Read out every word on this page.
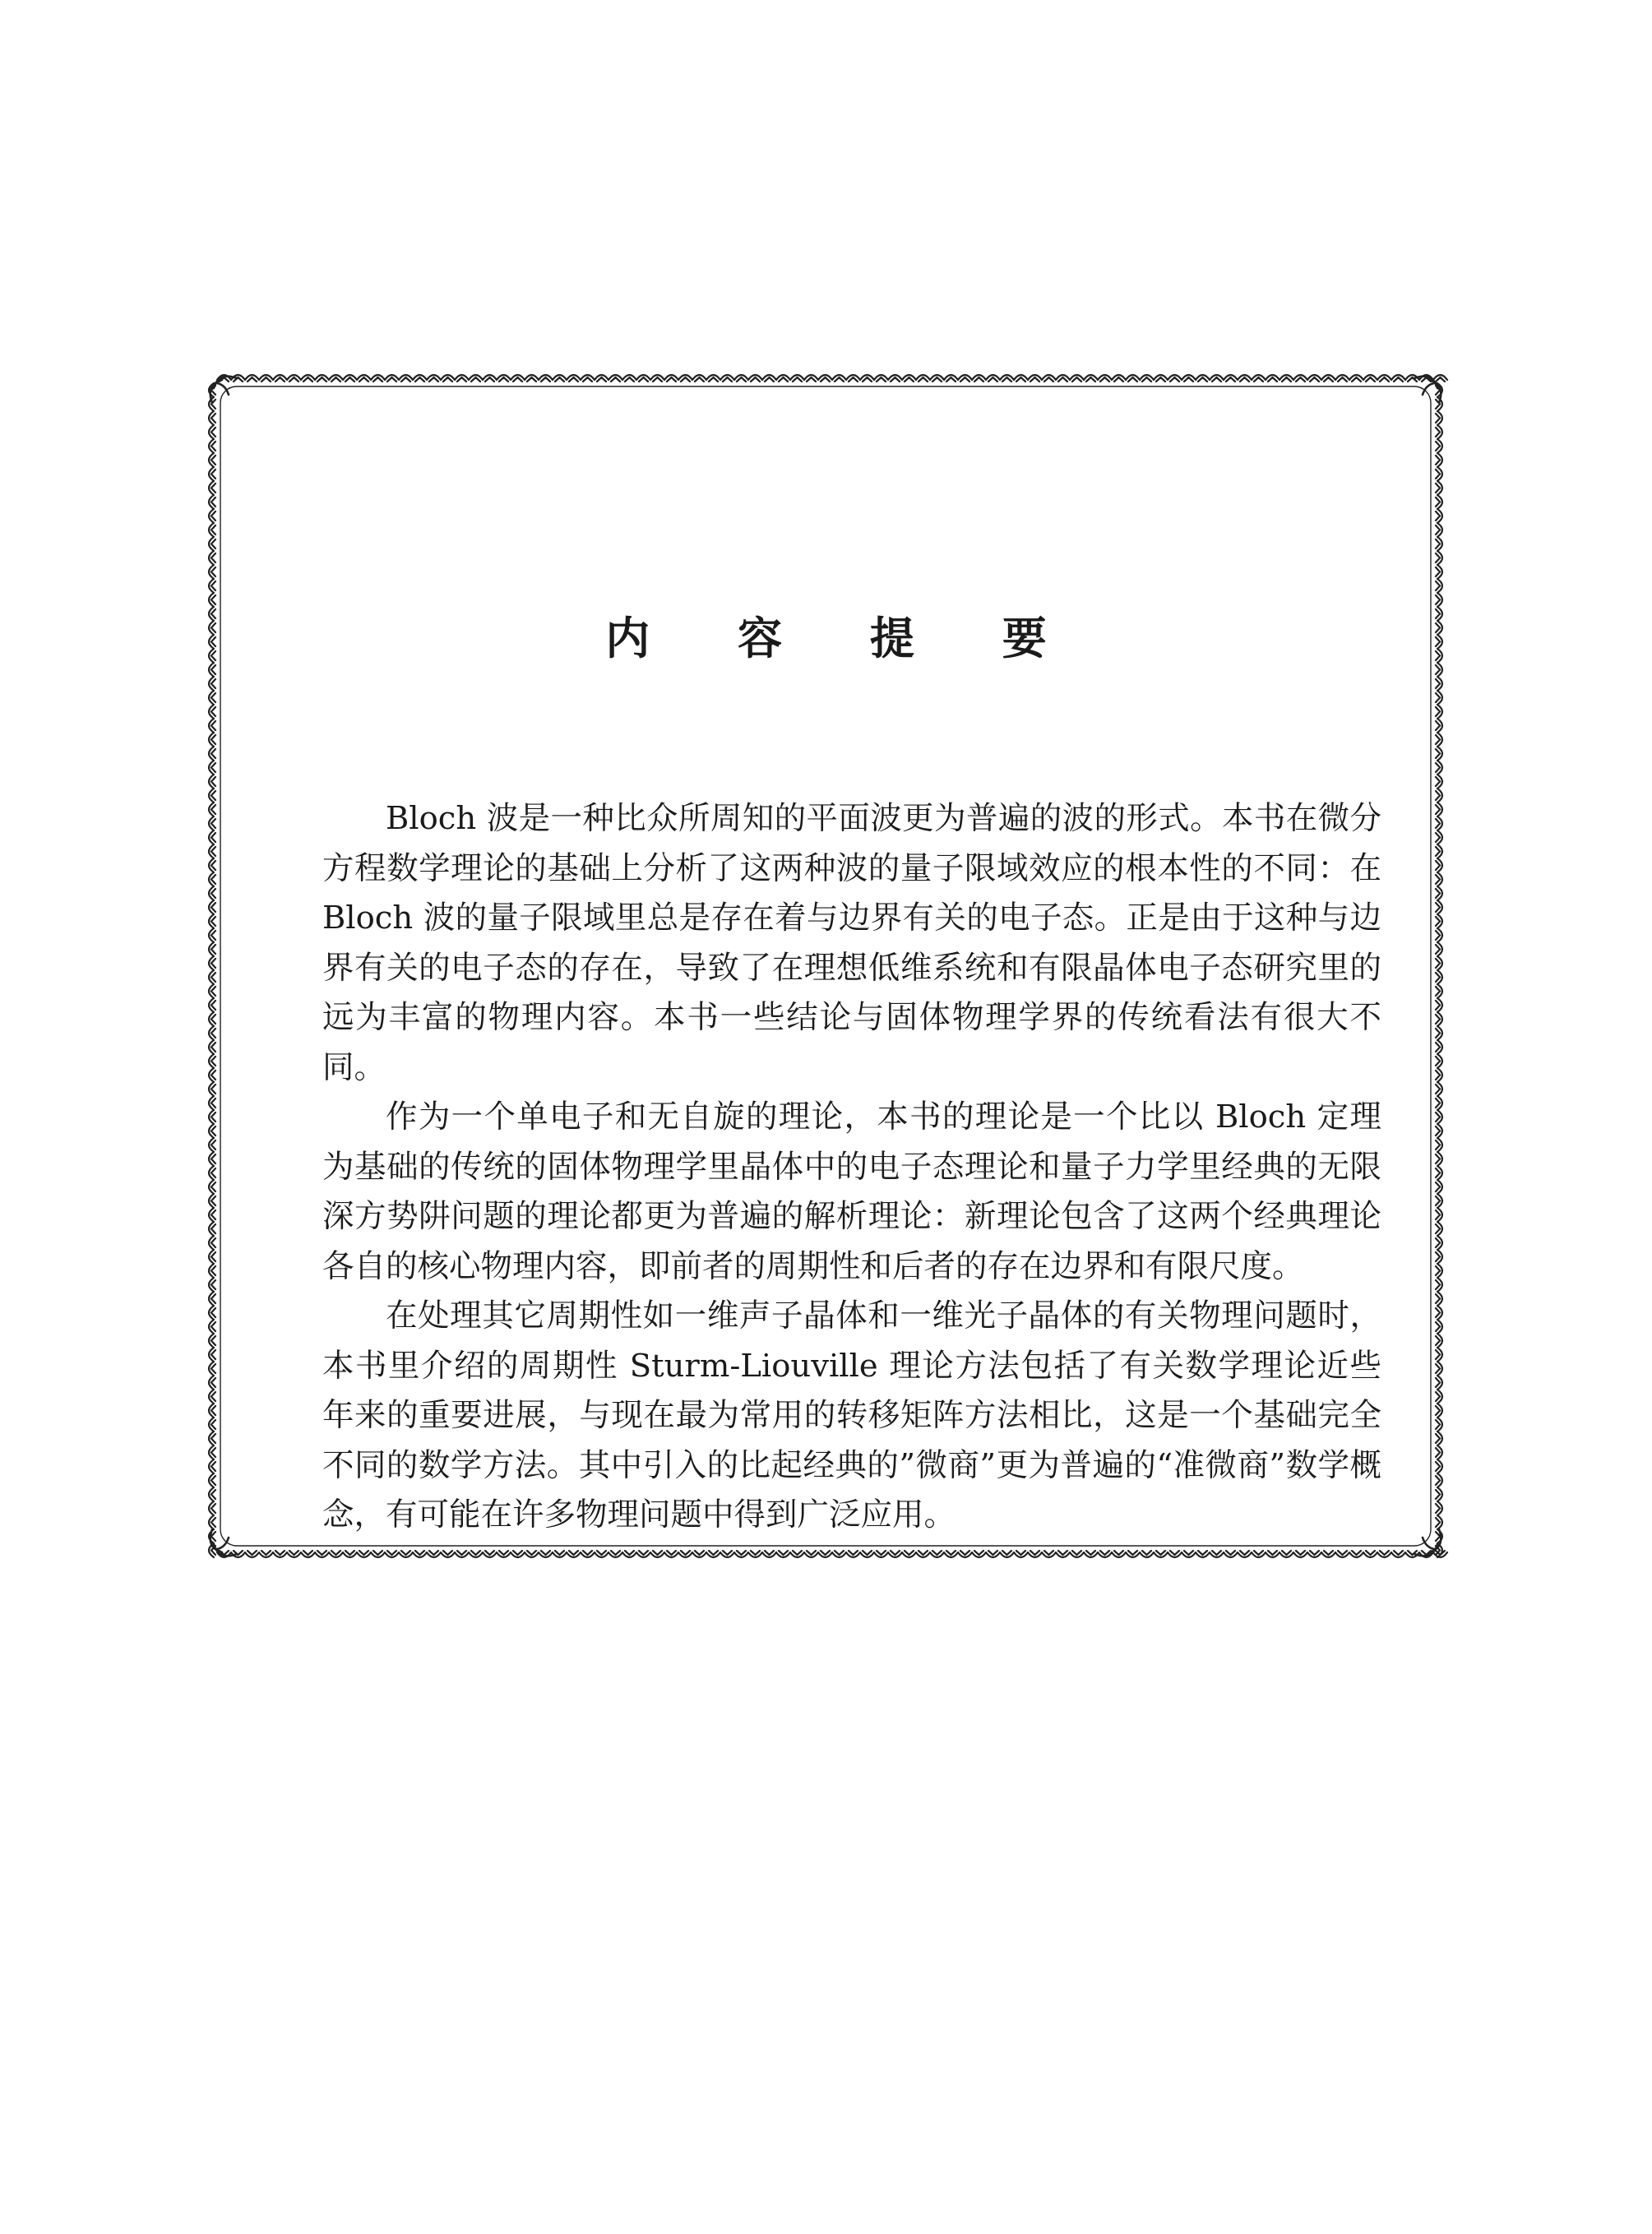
内 容 提 要

Bloch 波是一种比众所周知的平面波更为普遍的波的形式。本书在微分方程数学理论的基础上分析了这两种波的量子限域效应的根本性的不同：在 Bloch 波的量子限域里总是存在着与边界有关的电子态。正是由于这种与边界有关的电子态的存在，导致了在理想低维系统和有限晶体电子态研究里的远为丰富的物理内容。本书一些结论与固体物理学界的传统看法有很大不同。

作为一个单电子和无自旋的理论，本书的理论是一个比以 Bloch 定理为基础的传统的固体物理学里晶体中的电子态理论和量子力学里经典的无限深方势阱问题的理论都更为普遍的解析理论：新理论包含了这两个经典理论各自的核心物理内容，即前者的周期性和后者的存在边界和有限尺度。

在处理其它周期性如一维声子晶体和一维光子晶体的有关物理问题时，本书里介绍的周期性 Sturm-Liouville 理论方法包括了有关数学理论近些年来的重要进展，与现在最为常用的转移矩阵方法相比，这是一个基础完全不同的数学方法。其中引入的比起经典的”微商”更为普遍的“准微商”数学概念，有可能在许多物理问题中得到广泛应用。
